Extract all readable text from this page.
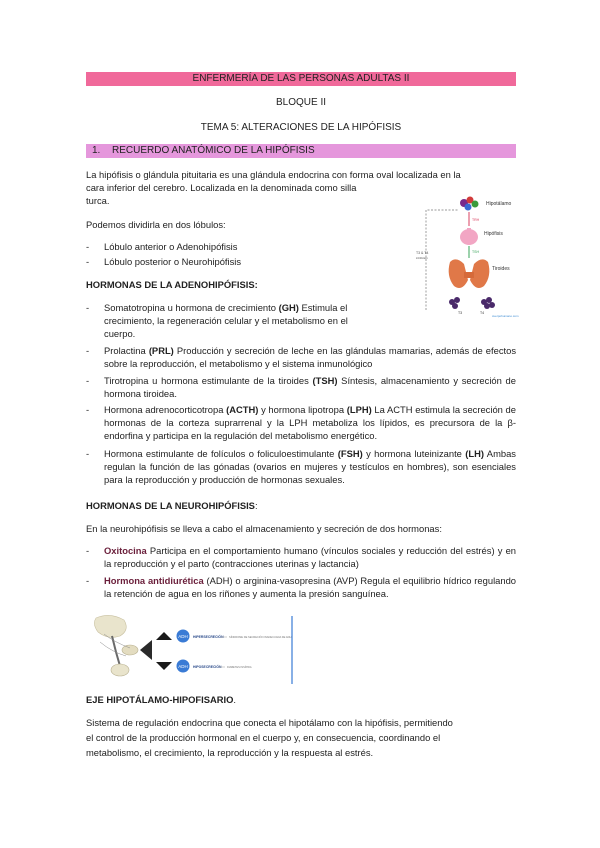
ENFERMERÍA DE LAS PERSONAS ADULTAS II
BLOQUE II
TEMA 5: ALTERACIONES DE LA HIPÓFISIS
1. RECUERDO ANATÓMICO DE LA HIPÓFISIS
La hipófisis o glándula pituitaria es una glándula endocrina con forma oval localizada en la
cara inferior del cerebro. Localizada en la denominada como silla
turca.
Podemos dividirla en dos lóbulos:
- Lóbulo anterior o Adenohipófisis
- Lóbulo posterior o Neurohipófisis
Hipotálamo
TRH
Hipófisis
TSH
Tiroides
T3 & T4
inhibition
T3	T4
cuerpohumano.com
HORMONAS DE LA ADENOHIPÓFISIS:
- Somatotropina u hormona de crecimiento (GH) Estimula el
crecimiento, la regeneración celular y el metabolismo en el
cuerpo.
- Prolactina (PRL) Producción y secreción de leche en las glándulas mamarias, además de efectos sobre la reproducción, el metabolismo y el sistema inmunológico
- Tirotropina u hormona estimulante de la tiroides (TSH) Síntesis, almacenamiento y secreción de hormona tiroidea.
- Hormona adrenocorticotropa (ACTH) y hormona lipotropa (LPH) La ACTH estimula la secreción de hormonas de la corteza suprarrenal y la LPH metaboliza los lípidos, es precursora de la β-endorfina y participa en la regulación del metabolismo energético.
- Hormona estimulante de folículos o foliculoestimulante (FSH) y hormona luteinizante (LH) Ambas regulan la función de las gónadas (ovarios en mujeres y testículos en hombres), son esenciales para la reproducción y producción de hormonas sexuales.
HORMONAS DE LA NEUROHIPÓFISIS:
En la neurohipófisis se lleva a cabo el almacenamiento y secreción de dos hormonas:
- Oxitocina Participa en el comportamiento humano (vínculos sociales y reducción del estrés) y en la reproducción y el parto (contracciones uterinas y lactancia)
- Hormona antidiurética (ADH) o arginina-vasopresina (AVP) Regula el equilibrio hídrico regulando la retención de agua en los riñones y aumenta la presión sanguínea.
ADH
ADH
HIPERSECRECIÓN SÍNDROME DE SECRECIÓN INADECUADA DE ADH
HIPOSECRECIÓN DIABETES INSÍPIDA
EJE HIPOTÁLAMO-HIPOFISARIO.
Sistema de regulación endocrina que conecta el hipotálamo con la hipófisis, permitiendo
el control de la producción hormonal en el cuerpo y, en consecuencia, coordinando el
metabolismo, el crecimiento, la reproducción y la respuesta al estrés.
